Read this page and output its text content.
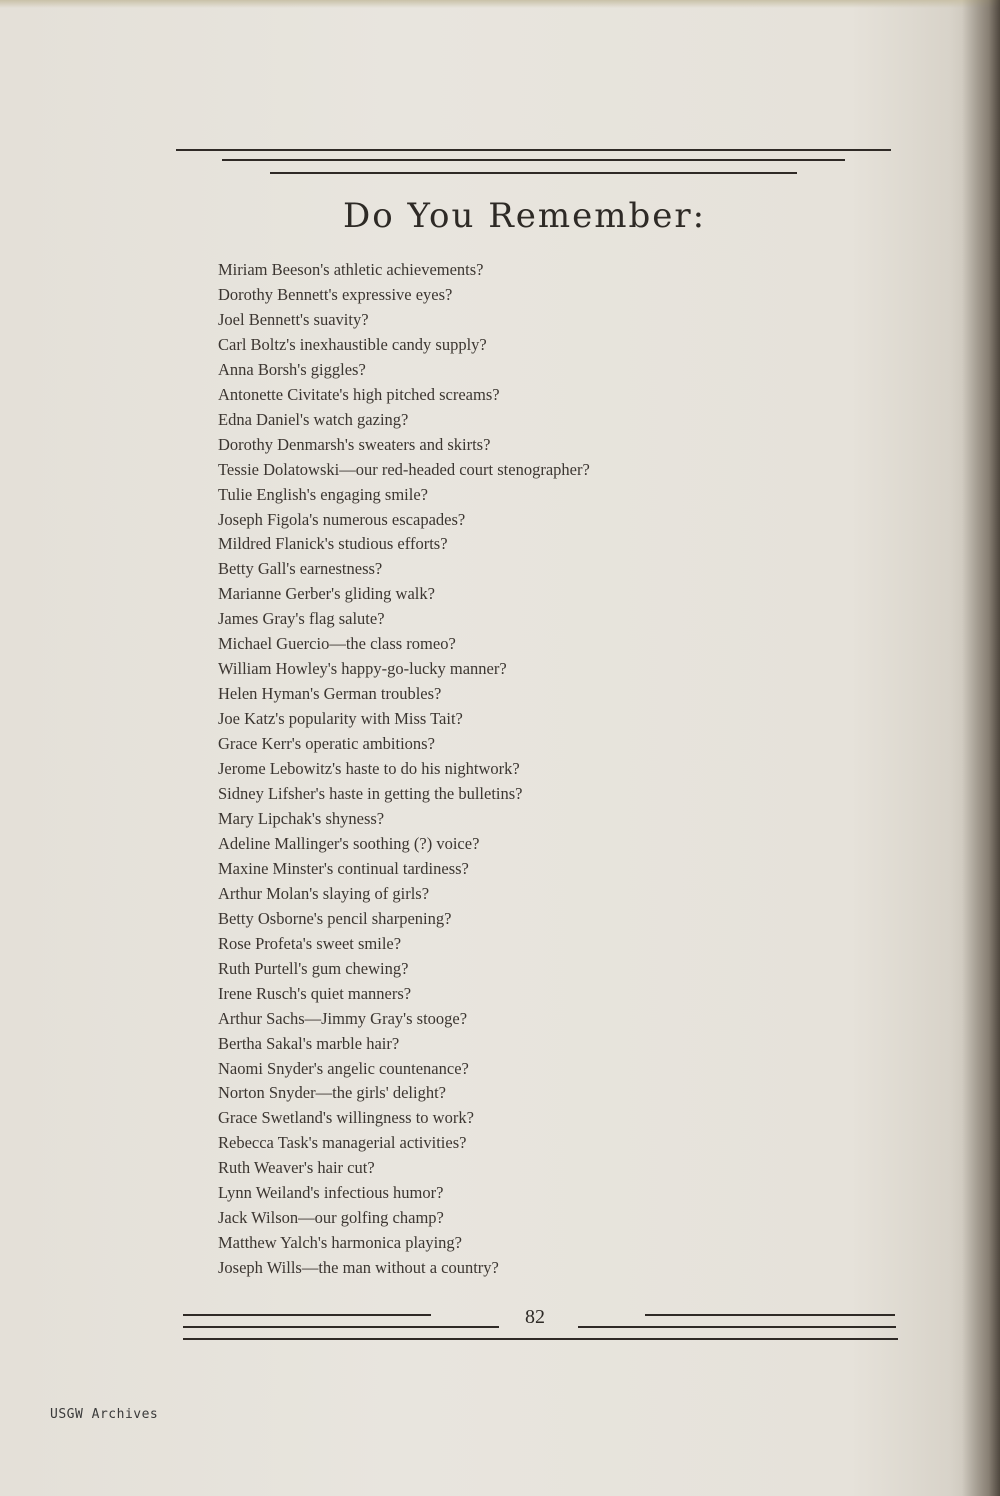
Do You Remember:
Miriam Beeson's athletic achievements?
Dorothy Bennett's expressive eyes?
Joel Bennett's suavity?
Carl Boltz's inexhaustible candy supply?
Anna Borsh's giggles?
Antonette Civitate's high pitched screams?
Edna Daniel's watch gazing?
Dorothy Denmarsh's sweaters and skirts?
Tessie Dolatowski—our red-headed court stenographer?
Tulie English's engaging smile?
Joseph Figola's numerous escapades?
Mildred Flanick's studious efforts?
Betty Gall's earnestness?
Marianne Gerber's gliding walk?
James Gray's flag salute?
Michael Guercio—the class romeo?
William Howley's happy-go-lucky manner?
Helen Hyman's German troubles?
Joe Katz's popularity with Miss Tait?
Grace Kerr's operatic ambitions?
Jerome Lebowitz's haste to do his nightwork?
Sidney Lifsher's haste in getting the bulletins?
Mary Lipchak's shyness?
Adeline Mallinger's soothing (?) voice?
Maxine Minster's continual tardiness?
Arthur Molan's slaying of girls?
Betty Osborne's pencil sharpening?
Rose Profeta's sweet smile?
Ruth Purtell's gum chewing?
Irene Rusch's quiet manners?
Arthur Sachs—Jimmy Gray's stooge?
Bertha Sakal's marble hair?
Naomi Snyder's angelic countenance?
Norton Snyder—the girls' delight?
Grace Swetland's willingness to work?
Rebecca Task's managerial activities?
Ruth Weaver's hair cut?
Lynn Weiland's infectious humor?
Jack Wilson—our golfing champ?
Matthew Yalch's harmonica playing?
Joseph Wills—the man without a country?
82
USGW Archives
